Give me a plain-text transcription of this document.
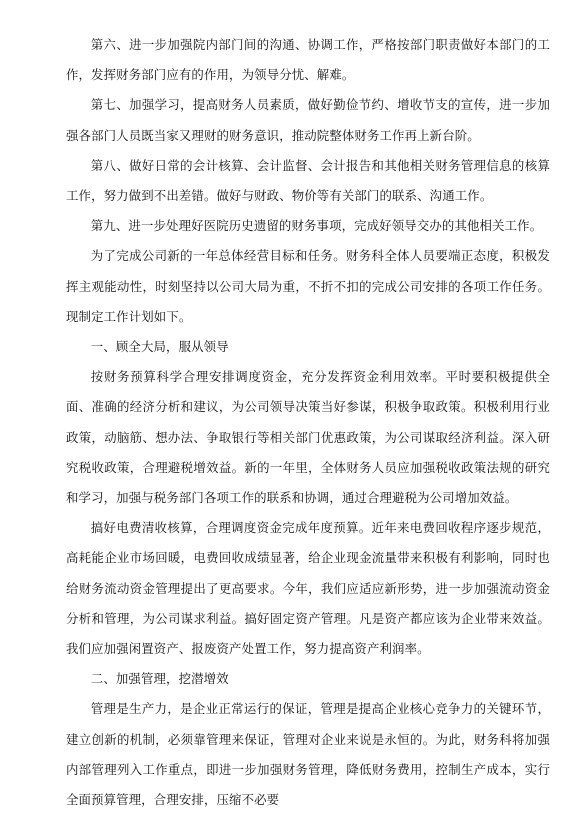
第六、进一步加强院内部门间的沟通、协调工作，严格按部门职责做好本部门的工作，发挥财务部门应有的作用，为领导分忧、解难。

第七、加强学习，提高财务人员素质，做好勤俭节约、增收节支的宣传，进一步加强各部门人员既当家又理财的财务意识，推动院整体财务工作再上新台阶。

第八、做好日常的会计核算、会计监督、会计报告和其他相关财务管理信息的核算工作，努力做到不出差错。做好与财政、物价等有关部门的联系、沟通工作。

第九、进一步处理好医院历史遗留的财务事项，完成好领导交办的其他相关工作。

为了完成公司新的一年总体经营目标和任务。财务科全体人员要端正态度，积极发挥主观能动性，时刻坚持以公司大局为重，不折不扣的完成公司安排的各项工作任务。现制定工作计划如下。

一、顾全大局，服从领导

按财务预算科学合理安排调度资金，充分发挥资金利用效率。平时要积极提供全面、准确的经济分析和建议，为公司领导决策当好参谋，积极争取政策。积极利用行业政策，动脑筋、想办法、争取银行等相关部门优惠政策，为公司谋取经济利益。深入研究税收政策，合理避税增效益。新的一年里，全体财务人员应加强税收政策法规的研究和学习，加强与税务部门各项工作的联系和协调，通过合理避税为公司增加效益。

搞好电费清收核算，合理调度资金完成年度预算。近年来电费回收程序逐步规范，高耗能企业市场回暖，电费回收成绩显著，给企业现金流量带来积极有利影响，同时也给财务流动资金管理提出了更高要求。今年，我们应适应新形势，进一步加强流动资金分析和管理，为公司谋求利益。搞好固定资产管理。凡是资产都应该为企业带来效益。我们应加强闲置资产、报废资产处置工作，努力提高资产利润率。

二、加强管理，挖潜增效

管理是生产力，是企业正常运行的保证，管理是提高企业核心竞争力的关键环节，建立创新的机制，必须靠管理来保证，管理对企业来说是永恒的。为此，财务科将加强内部管理列入工作重点，即进一步加强财务管理，降低财务费用，控制生产成本，实行全面预算管理，合理安排，压缩不必要
